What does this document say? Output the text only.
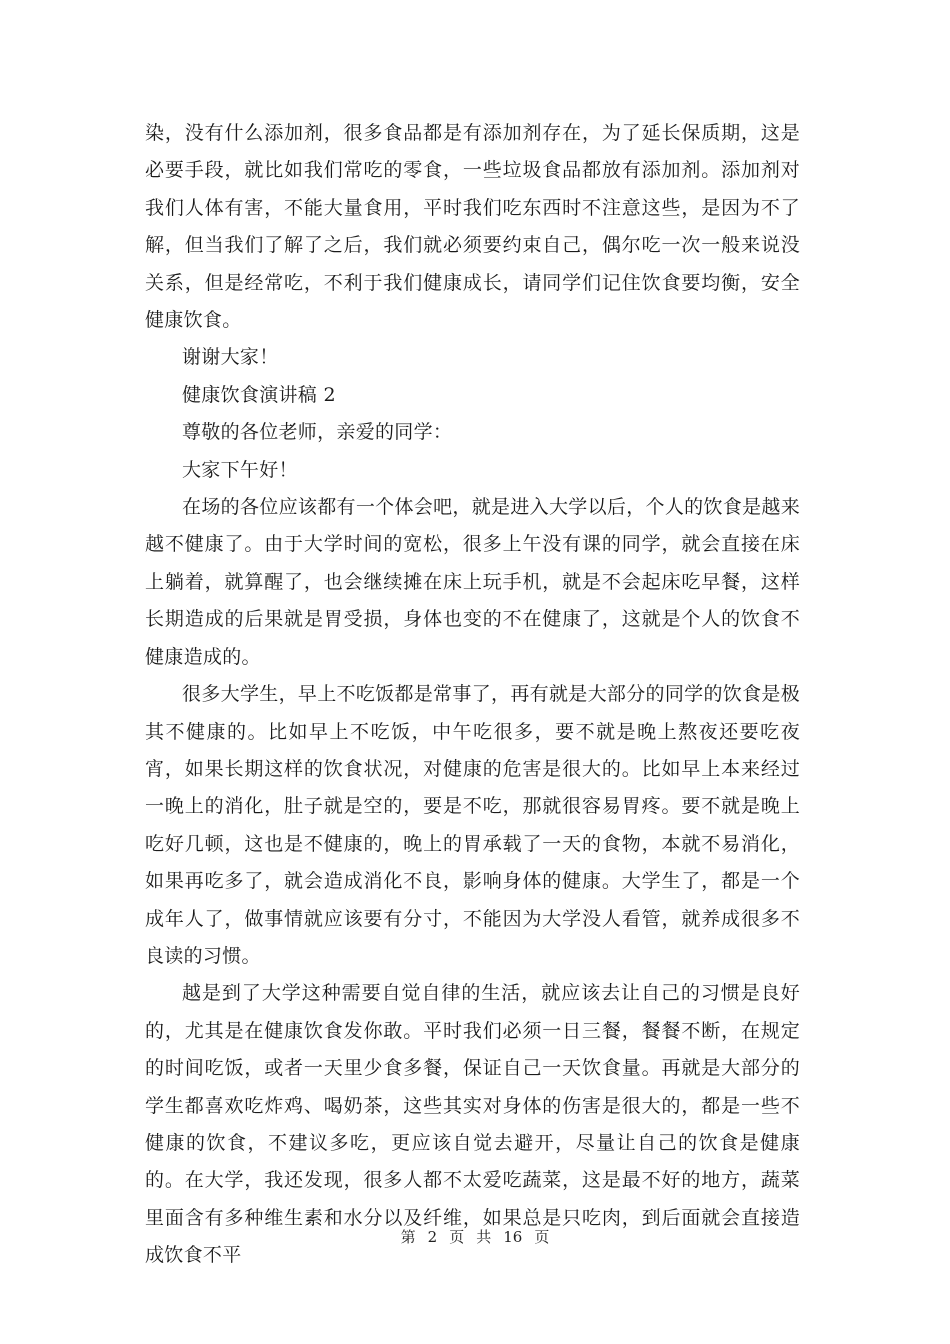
染，没有什么添加剂，很多食品都是有添加剂存在，为了延长保质期，这是必要手段，就比如我们常吃的零食，一些垃圾食品都放有添加剂。添加剂对我们人体有害，不能大量食用，平时我们吃东西时不注意这些，是因为不了解，但当我们了解了之后，我们就必须要约束自己，偶尔吃一次一般来说没关系，但是经常吃，不利于我们健康成长，请同学们记住饮食要均衡，安全健康饮食。

谢谢大家！

健康饮食演讲稿 2

尊敬的各位老师，亲爱的同学：

大家下午好！

在场的各位应该都有一个体会吧，就是进入大学以后，个人的饮食是越来越不健康了。由于大学时间的宽松，很多上午没有课的同学，就会直接在床上躺着，就算醒了，也会继续摊在床上玩手机，就是不会起床吃早餐，这样长期造成的后果就是胃受损，身体也变的不在健康了，这就是个人的饮食不健康造成的。

很多大学生，早上不吃饭都是常事了，再有就是大部分的同学的饮食是极其不健康的。比如早上不吃饭，中午吃很多，要不就是晚上熬夜还要吃夜宵，如果长期这样的饮食状况，对健康的危害是很大的。比如早上本来经过一晚上的消化，肚子就是空的，要是不吃，那就很容易胃疼。要不就是晚上吃好几顿，这也是不健康的，晚上的胃承载了一天的食物，本就不易消化，如果再吃多了，就会造成消化不良，影响身体的健康。大学生了，都是一个成年人了，做事情就应该要有分寸，不能因为大学没人看管，就养成很多不良读的习惯。

越是到了大学这种需要自觉自律的生活，就应该去让自己的习惯是良好的，尤其是在健康饮食发你敢。平时我们必须一日三餐，餐餐不断，在规定的时间吃饭，或者一天里少食多餐，保证自己一天饮食量。再就是大部分的学生都喜欢吃炸鸡、喝奶茶，这些其实对身体的伤害是很大的，都是一些不健康的饮食，不建议多吃，更应该自觉去避开，尽量让自己的饮食是健康的。在大学，我还发现，很多人都不太爱吃蔬菜，这是最不好的地方，蔬菜里面含有多种维生素和水分以及纤维，如果总是只吃肉，到后面就会直接造成饮食不平

第 2 页 共 16 页
